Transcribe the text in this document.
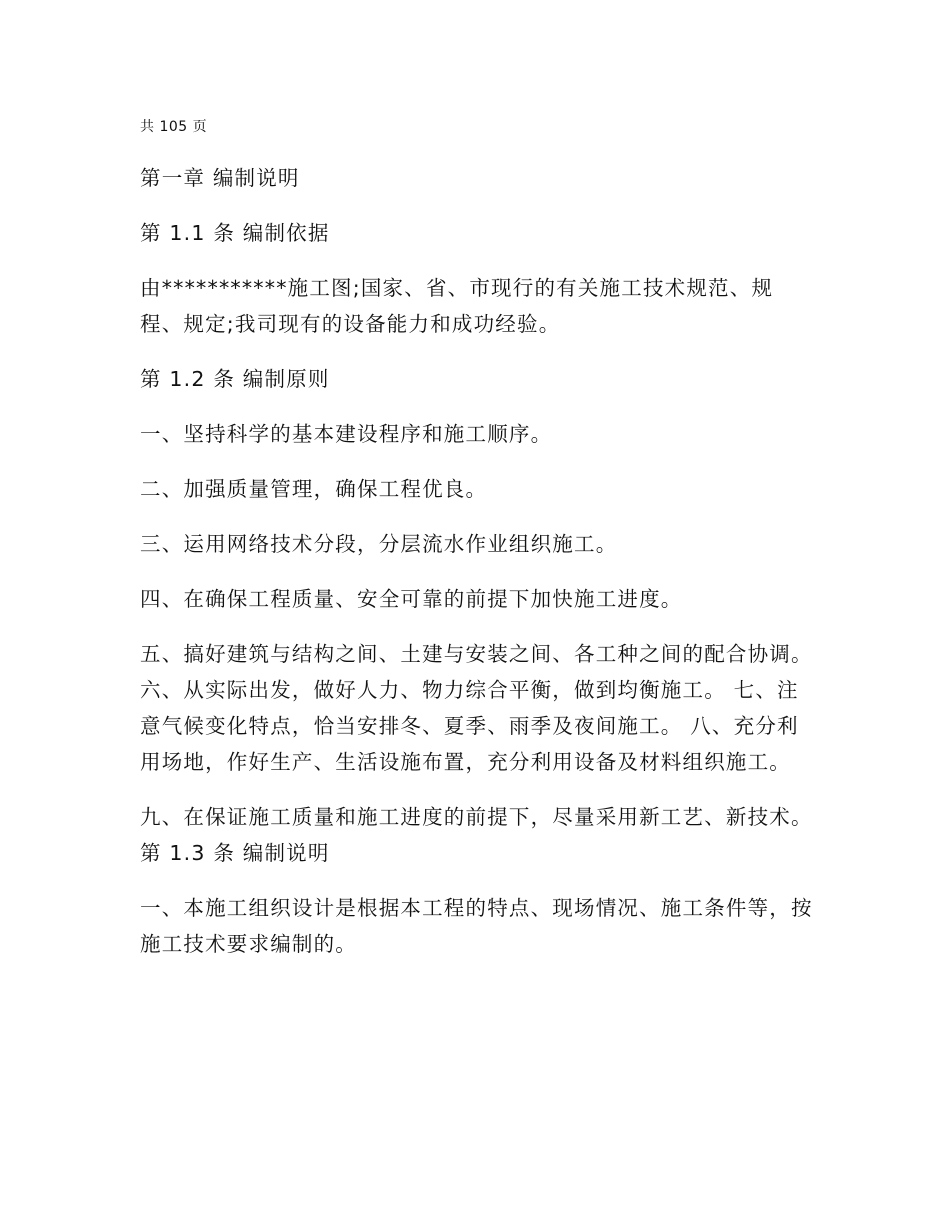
共 105 页

第一章 编制说明

第 1.1 条 编制依据

由***********施工图;国家、省、市现行的有关施工技术规范、规程、规定;我司现有的设备能力和成功经验。

第 1.2 条 编制原则

一、坚持科学的基本建设程序和施工顺序。

二、加强质量管理，确保工程优良。

三、运用网络技术分段，分层流水作业组织施工。

四、在确保工程质量、安全可靠的前提下加快施工进度。

五、搞好建筑与结构之间、土建与安装之间、各工种之间的配合协调。 六、从实际出发，做好人力、物力综合平衡，做到均衡施工。 七、注意气候变化特点，恰当安排冬、夏季、雨季及夜间施工。 八、充分利用场地，作好生产、生活设施布置，充分利用设备及材料组织施工。

九、在保证施工质量和施工进度的前提下，尽量采用新工艺、新技术。 第 1.3 条 编制说明

一、本施工组织设计是根据本工程的特点、现场情况、施工条件等，按施工技术要求编制的。
